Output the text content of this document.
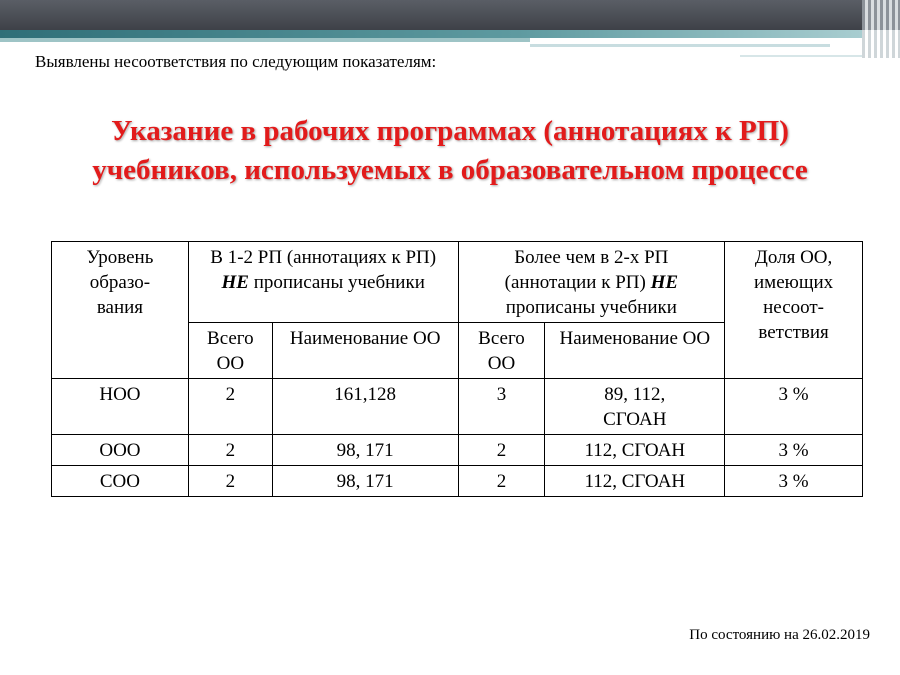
Выявлены несоответствия по следующим показателям:
Указание в рабочих программах (аннотациях к РП)
учебников, используемых в образовательном процессе
Уровень образо-вания	В 1-2 РП (аннотациях к РП) НЕ прописаны учебники		Более чем в 2-х РП (аннотации к РП) НЕ прописаны учебники		Доля ОО, имеющих несоот-ветствия
	Всего ОО	Наименование ОО	Всего ОО	Наименование ОО	
НОО	2	161,128	3	89, 112, СГОАН	3 %
ООО	2	98, 171	2	112, СГОАН	3 %
СОО	2	98, 171	2	112, СГОАН	3 %
По состоянию на 26.02.2019
